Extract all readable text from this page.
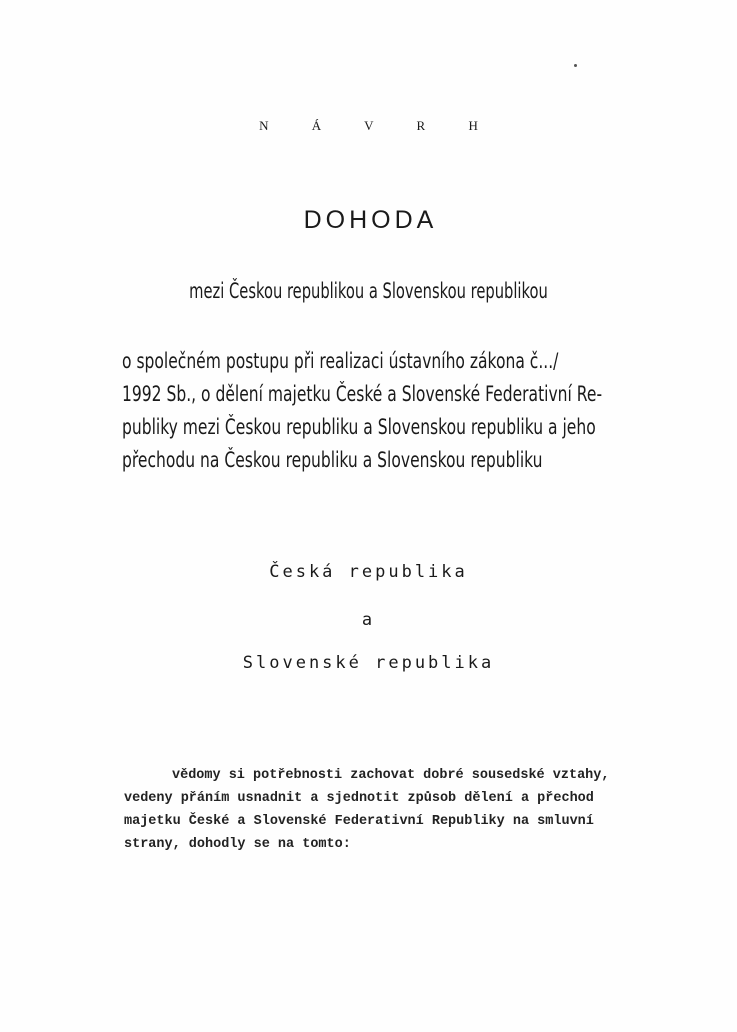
N Á V R H
DOHODA
mezi Českou republikou a Slovenskou republikou
o společném postupu při realizaci ústavního zákona č.../
1992 Sb., o dělení majetku České a Slovenské Federativní Re-
publiky mezi Českou republiku a Slovenskou republiku a jeho
přechodu na Českou republiku a Slovenskou republiku
Česká republika
a
Slovenské republika
vědomy si potřebnosti zachovat dobré sousedské vztahy,
vedeny přáním usnadnit a sjednotit způsob dělení a přechod
majetku České a Slovenské Federativní Republiky na smluvní
strany, dohodly se na tomto:
